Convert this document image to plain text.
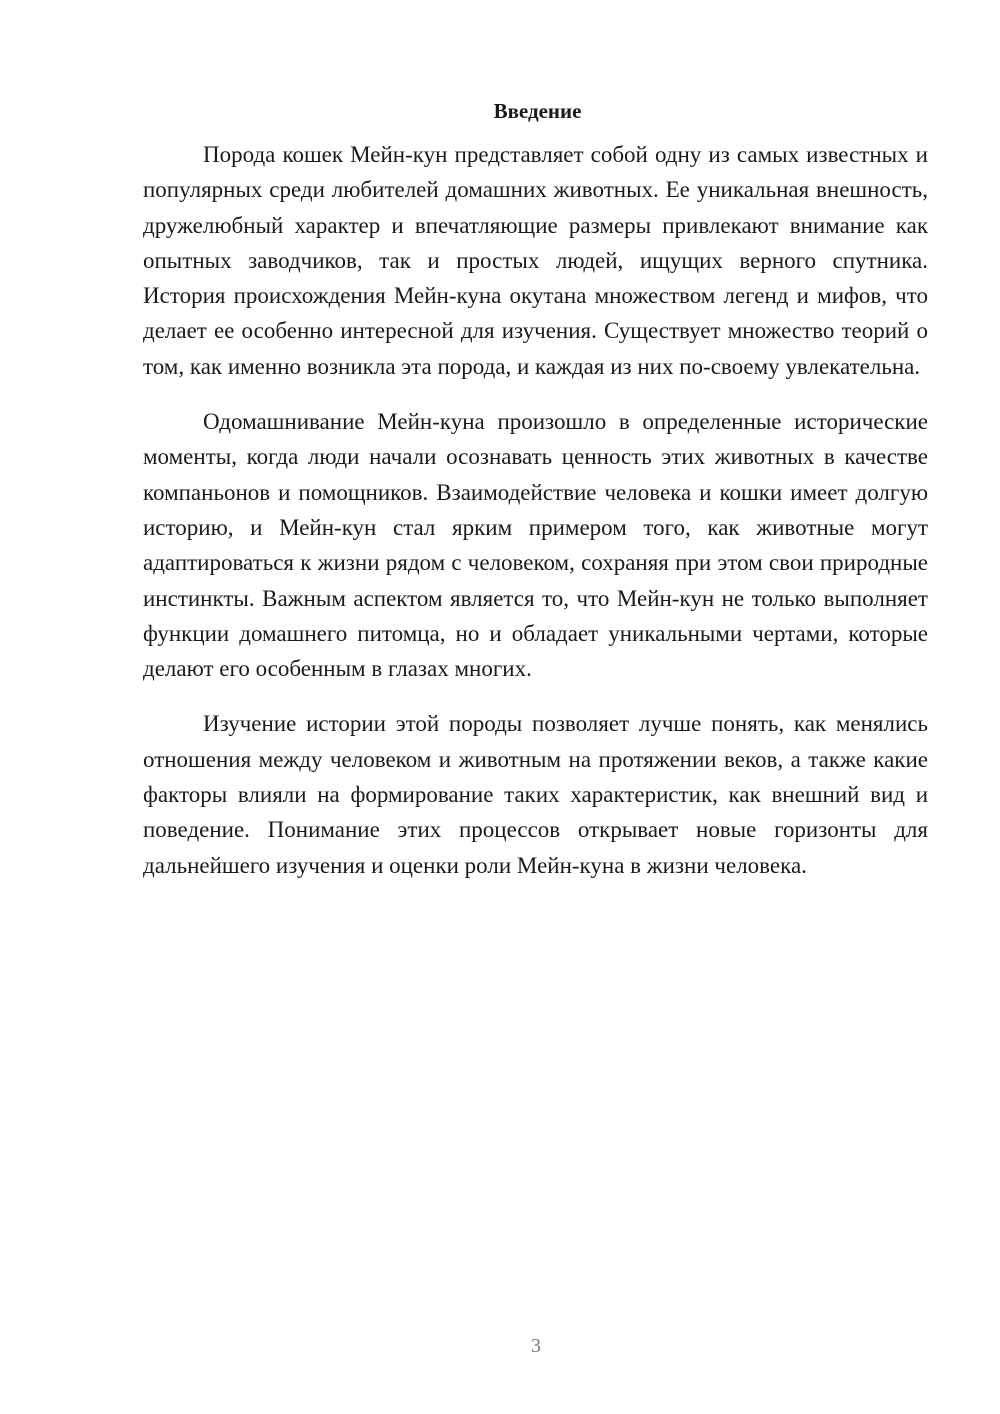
Введение

Порода кошек Мейн-кун представляет собой одну из самых известных и популярных среди любителей домашних животных. Ее уникальная внешность, дружелюбный характер и впечатляющие размеры привлекают внимание как опытных заводчиков, так и простых людей, ищущих верного спутника. История происхождения Мейн-куна окутана множеством легенд и мифов, что делает ее особенно интересной для изучения. Существует множество теорий о том, как именно возникла эта порода, и каждая из них по-своему увлекательна.

Одомашнивание Мейн-куна произошло в определенные исторические моменты, когда люди начали осознавать ценность этих животных в качестве компаньонов и помощников. Взаимодействие человека и кошки имеет долгую историю, и Мейн-кун стал ярким примером того, как животные могут адаптироваться к жизни рядом с человеком, сохраняя при этом свои природные инстинкты. Важным аспектом является то, что Мейн-кун не только выполняет функции домашнего питомца, но и обладает уникальными чертами, которые делают его особенным в глазах многих.

Изучение истории этой породы позволяет лучше понять, как менялись отношения между человеком и животным на протяжении веков, а также какие факторы влияли на формирование таких характеристик, как внешний вид и поведение. Понимание этих процессов открывает новые горизонты для дальнейшего изучения и оценки роли Мейн-куна в жизни человека.

3
